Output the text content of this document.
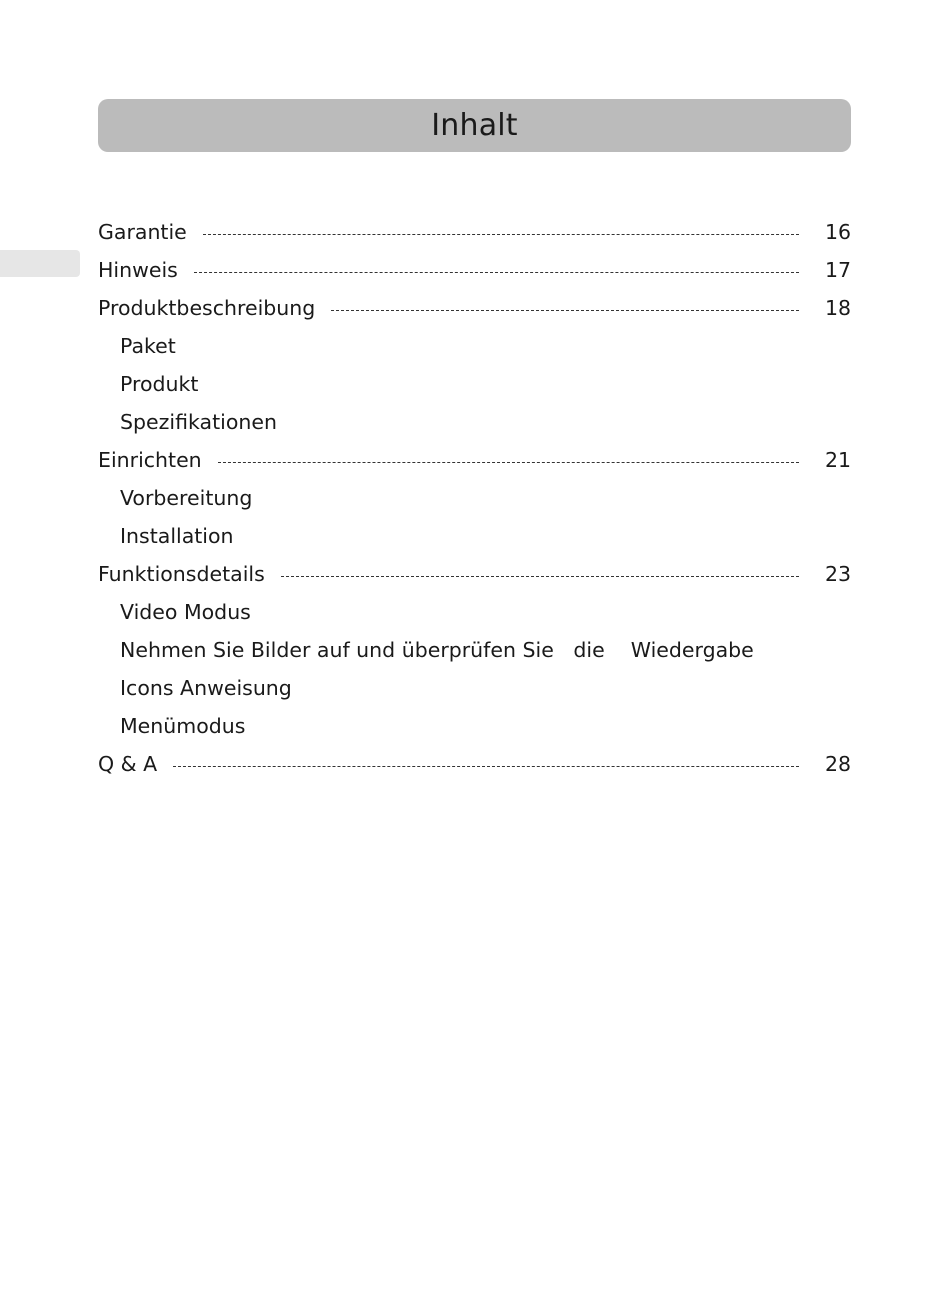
Inhalt
Garantie	16
Hinweis	17
Produktbeschreibung	18
Paket
Produkt
Spezifikationen
Einrichten	21
Vorbereitung
Installation
Funktionsdetails	23
Video Modus
Nehmen Sie Bilder auf und überprüfen Sie   die    Wiedergabe
Icons Anweisung
Menümodus
Q & A	28
